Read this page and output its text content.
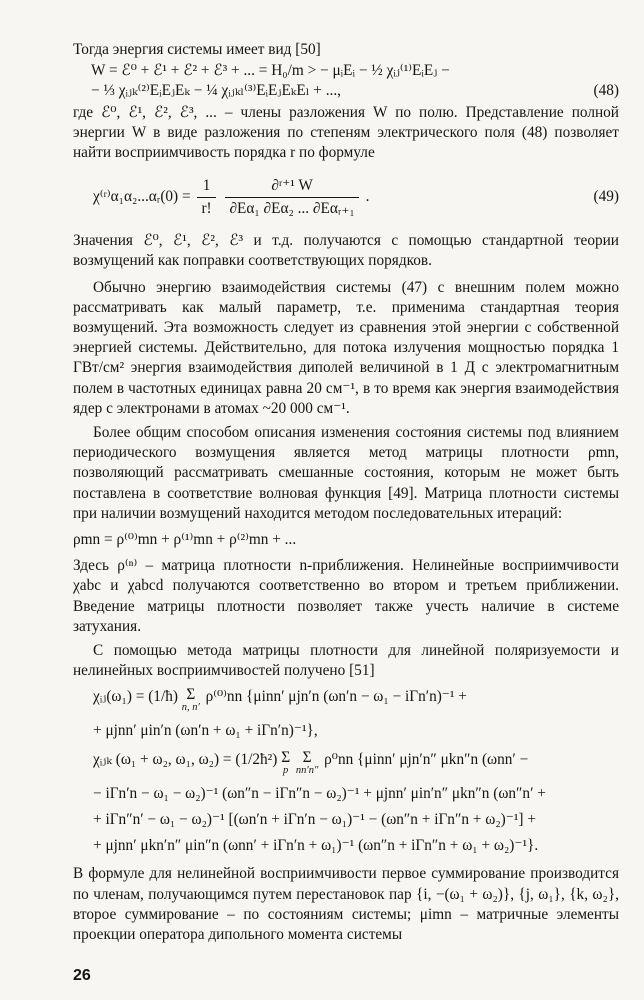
Тогда энергия системы имеет вид [50]

W = ℰ⁰ + ℰ¹ + ℰ² + ℰ³ + ... = H₀/m > − μᵢEᵢ − ½ χᵢⱼ⁽¹⁾EᵢEⱼ −
− ⅓ χᵢⱼₖ⁽²⁾EᵢEⱼEₖ − ¼ χᵢⱼₖₗ⁽³⁾EᵢEⱼEₖEₗ + ...,	(48)

где ℰ⁰, ℰ¹, ℰ², ℰ³, ... – члены разложения W по полю. Представление полной энергии W в виде разложения по степеням электрического поля (48) позволяет найти восприимчивость порядка r по формуле

χ⁽ʳ⁾α₁α₂...αᵣ(0) = $\frac{1}{r!}$
$\frac{\text{∂ʳ⁺¹ W}}{\text{∂Eα₁ ∂Eα₂ ... ∂Eαᵣ₊₁}}$ .	(49)

Значения ℰ⁰, ℰ¹, ℰ², ℰ³ и т.д. получаются с помощью стандартной теории возмущений как поправки соответствующих порядков.

Обычно энергию взаимодействия системы (47) с внешним полем можно рассматривать как малый параметр, т.е. применима стандартная теория возмущений. Эта возможность следует из сравнения этой энергии с собственной энергией системы. Действительно, для потока излучения мощностью порядка 1 ГВт/см² энергия взаимодействия диполей величиной в 1 Д с электромагнитным полем в частотных единицах равна 20 см⁻¹, в то время как энергия взаимодействия ядер с электронами в атомах ~20 000 см⁻¹.

Более общим способом описания изменения состояния системы под влиянием периодического возмущения является метод матрицы плотности ρmn, позволяющий рассматривать смешанные состояния, которым не может быть поставлена в соответствие волновая функция [49]. Матрица плотности системы при наличии возмущений находится методом последовательных итераций:

ρmn = ρ⁽⁰⁾mn + ρ⁽¹⁾mn + ρ⁽²⁾mn + ...

Здесь ρ⁽ⁿ⁾ – матрица плотности n-приближения. Нелинейные восприимчивости χabc и χabcd получаются соответственно во втором и третьем приближении. Введение матрицы плотности позволяет также учесть наличие в системе затухания.

С помощью метода матрицы плотности для линейной поляризуемости и нелинейных восприимчивостей получено [51]

χᵢⱼ(ω₁) = (1/ħ) Σ
n, n′
ρ⁽⁰⁾nn {μinn′ μjn′n (ωn′n − ω₁ − iΓn′n)⁻¹ +
+ μjnn′ μin′n (ωn′n + ω₁ + iΓn′n)⁻¹},
χᵢⱼₖ (ω₁ + ω₂, ω₁, ω₂) = (1/2ħ²) Σ
p
Σ
nn′n″
ρ⁰nn {μinn′ μjn′n″ μkn″n (ωnn′ −
− iΓn′n − ω₁ − ω₂)⁻¹ (ωn″n − iΓn″n − ω₂)⁻¹ + μjnn′ μin′n″ μkn″n (ωn″n′ +
+ iΓn″n′ − ω₁ − ω₂)⁻¹ [(ωn′n + iΓn′n − ω₁)⁻¹ − (ωn″n + iΓn″n + ω₂)⁻¹] +
+ μjnn′ μkn′n″ μin″n (ωnn′ + iΓn′n + ω₁)⁻¹ (ωn″n + iΓn″n + ω₁ + ω₂)⁻¹}.

В формуле для нелинейной восприимчивости первое суммирование производится по членам, получающимся путем перестановок пар {i, −(ω₁ + ω₂)}, {j, ω₁}, {k, ω₂}, второе суммирование – по состояниям системы; μimn – матричные элементы проекции оператора дипольного момента системы

26
